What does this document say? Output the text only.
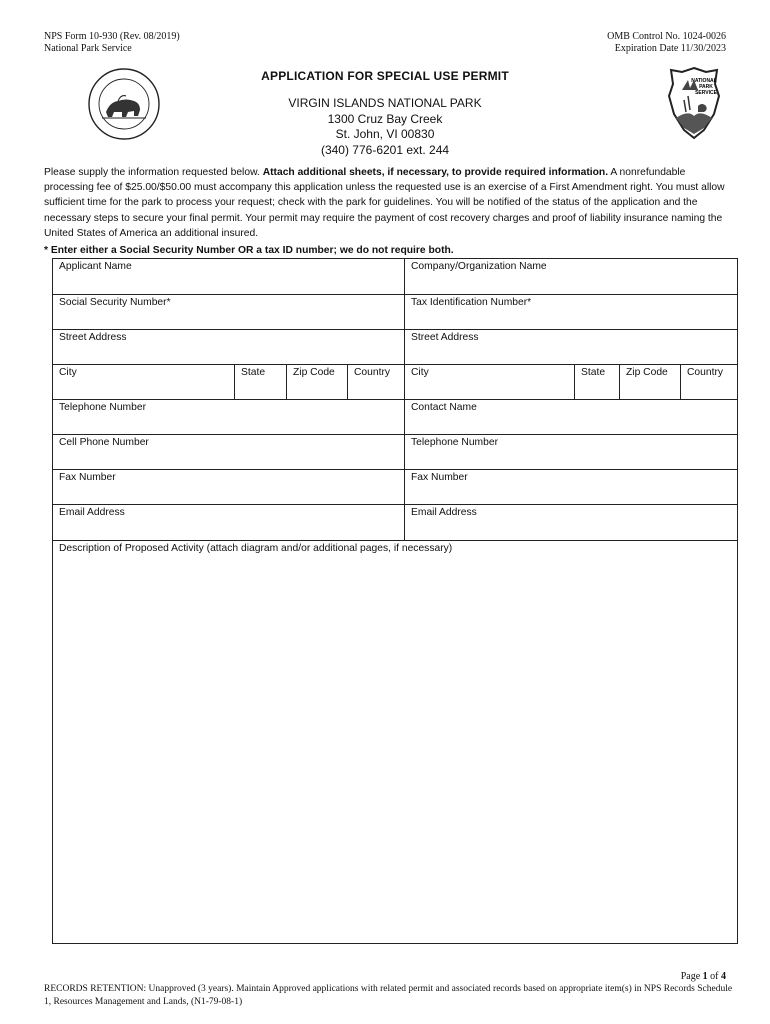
NPS Form 10-930 (Rev. 08/2019)
National Park Service
OMB Control No. 1024-0026
Expiration Date 11/30/2023
NATIONAL
PARK
SERVICE
APPLICATION FOR SPECIAL USE PERMIT
VIRGIN ISLANDS NATIONAL PARK
1300 Cruz Bay Creek
St. John, VI 00830
(340) 776-6201 ext. 244
Please supply the information requested below. Attach additional sheets, if necessary, to provide required information. A nonrefundable processing fee of $25.00/$50.00 must accompany this application unless the requested use is an exercise of a First Amendment right. You must allow sufficient time for the park to process your request; check with the park for guidelines. You will be notified of the status of the application and the necessary steps to secure your final permit. Your permit may require the payment of cost recovery charges and proof of liability insurance naming the United States of America an additional insured.
* Enter either a Social Security Number OR a tax ID number; we do not require both.
Applicant Name	Company/Organization Name
Social Security Number*	Tax Identification Number*
Street Address	Street Address
City	State	Zip Code	Country	City	State	Zip Code	Country
Telephone Number	Contact Name
Cell Phone Number	Telephone Number
Fax Number	Fax Number
Email Address	Email Address
Description of Proposed Activity (attach diagram and/or additional pages, if necessary)
Page 1 of 4
RECORDS RETENTION: Unapproved (3 years). Maintain Approved applications with related permit and associated records based on appropriate item(s) in NPS Records Schedule 1, Resources Management and Lands, (N1-79-08-1)
